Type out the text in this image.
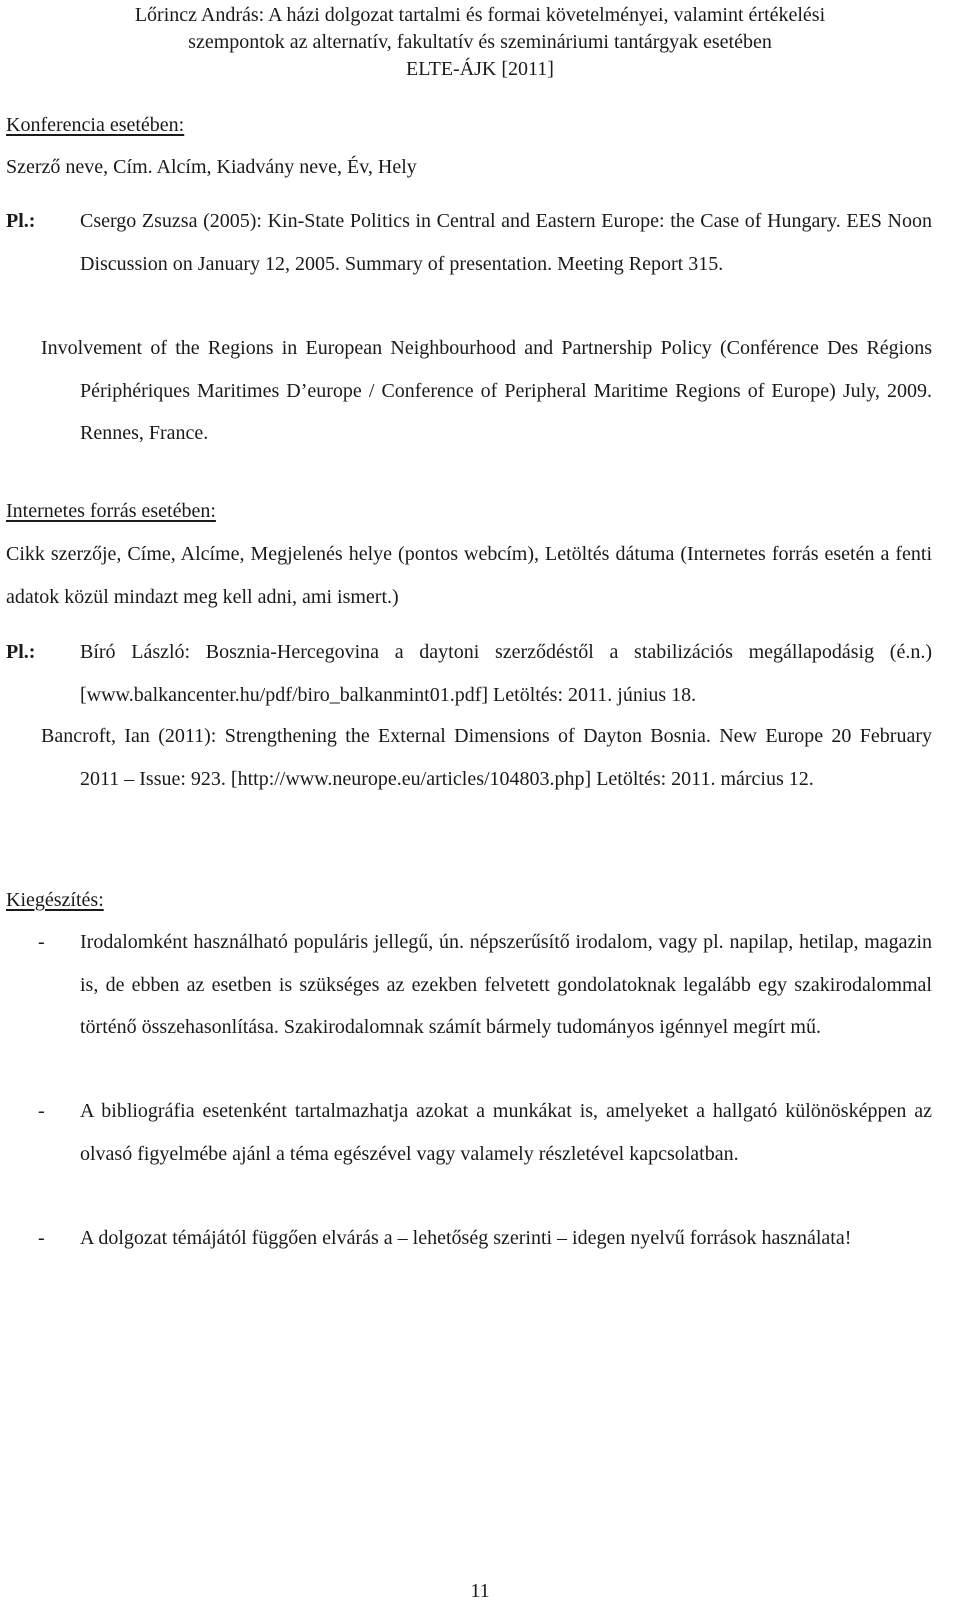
Lőrincz András: A házi dolgozat tartalmi és formai követelményei, valamint értékelési
szempontok az alternatív, fakultatív és szemináriumi tantárgyak esetében
ELTE-ÁJK [2011]
Konferencia esetében:
Szerző neve, Cím. Alcím, Kiadvány neve, Év, Hely
Pl.: Csergo Zsuzsa (2005): Kin-State Politics in Central and Eastern Europe: the Case of Hungary. EES Noon Discussion on January 12, 2005. Summary of presentation. Meeting Report 315.
Involvement of the Regions in European Neighbourhood and Partnership Policy (Conférence Des Régions Périphériques Maritimes D’europe / Conference of Peripheral Maritime Regions of Europe) July, 2009. Rennes, France.
Internetes forrás esetében:
Cikk szerzője, Címe, Alcíme, Megjelenés helye (pontos webcím), Letöltés dátuma (Internetes forrás esetén a fenti adatok közül mindazt meg kell adni, ami ismert.)
Pl.: Bíró László: Bosznia-Hercegovina a daytoni szerződéstől a stabilizációs megállapodásig (é.n.) [www.balkancenter.hu/pdf/biro_balkanmint01.pdf] Letöltés: 2011. június 18.
Bancroft, Ian (2011): Strengthening the External Dimensions of Dayton Bosnia. New Europe 20 February 2011 – Issue: 923. [http://www.neurope.eu/articles/104803.php] Letöltés: 2011. március 12.
Kiegészítés:
- Irodalomként használható populáris jellegű, ún. népszerűsítő irodalom, vagy pl. napilap, hetilap, magazin is, de ebben az esetben is szükséges az ezekben felvetett gondolatoknak legalább egy szakirodalommal történő összehasonlítása. Szakirodalomnak számít bármely tudományos igénnyel megírt mű.
- A bibliográfia esetenként tartalmazhatja azokat a munkákat is, amelyeket a hallgató különösképpen az olvasó figyelmébe ajánl a téma egészével vagy valamely részletével kapcsolatban.
- A dolgozat témájától függően elvárás a – lehetőség szerinti – idegen nyelvű források használata!
11
